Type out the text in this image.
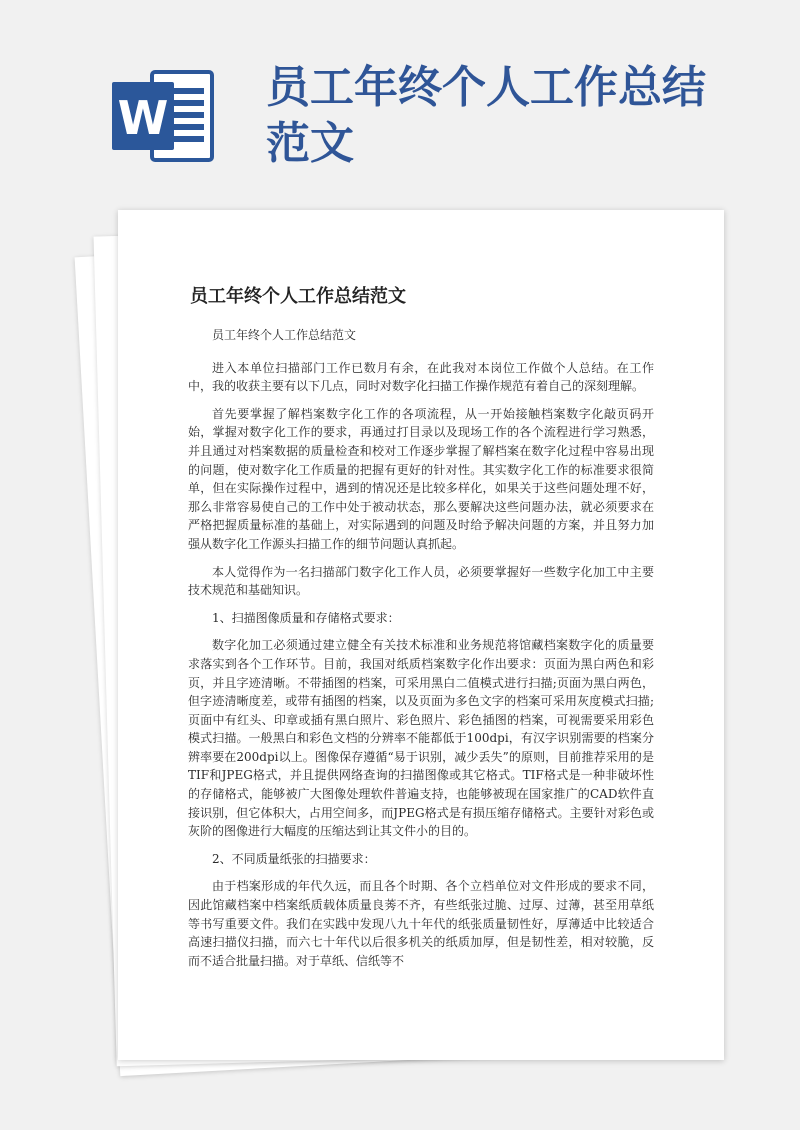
W
员工年终个人工作总结范文
员工年终个人工作总结范文

员工年终个人工作总结范文

进入本单位扫描部门工作已数月有余，在此我对本岗位工作做个人总结。在工作中，我的收获主要有以下几点，同时对数字化扫描工作操作规范有着自己的深刻理解。

首先要掌握了解档案数字化工作的各项流程，从一开始接触档案数字化敲页码开始，掌握对数字化工作的要求，再通过打目录以及现场工作的各个流程进行学习熟悉，并且通过对档案数据的质量检查和校对工作逐步掌握了解档案在数字化过程中容易出现的问题，使对数字化工作质量的把握有更好的针对性。其实数字化工作的标准要求很简单，但在实际操作过程中，遇到的情况还是比较多样化，如果关于这些问题处理不好，那么非常容易使自己的工作中处于被动状态，那么要解决这些问题办法，就必须要求在严格把握质量标准的基础上，对实际遇到的问题及时给予解决问题的方案，并且努力加强从数字化工作源头扫描工作的细节问题认真抓起。

本人觉得作为一名扫描部门数字化工作人员，必须要掌握好一些数字化加工中主要技术规范和基础知识。

1、扫描图像质量和存储格式要求：

数字化加工必须通过建立健全有关技术标准和业务规范将馆藏档案数字化的质量要求落实到各个工作环节。目前，我国对纸质档案数字化作出要求：页面为黑白两色和彩页，并且字迹清晰。不带插图的档案，可采用黑白二值模式进行扫描;页面为黑白两色，但字迹清晰度差，或带有插图的档案，以及页面为多色文字的档案可采用灰度模式扫描;页面中有红头、印章或插有黑白照片、彩色照片、彩色插图的档案，可视需要采用彩色模式扫描。一般黑白和彩色文档的分辨率不能都低于100dpi，有汉字识别需要的档案分辨率要在200dpi以上。图像保存遵循“易于识别，减少丢失”的原则，目前推荐采用的是TIF和JPEG格式，并且提供网络查询的扫描图像或其它格式。TIF格式是一种非破坏性的存储格式，能够被广大图像处理软件普遍支持，也能够被现在国家推广的CAD软件直接识别，但它体积大，占用空间多，而JPEG格式是有损压缩存储格式。主要针对彩色或灰阶的图像进行大幅度的压缩达到让其文件小的目的。

2、不同质量纸张的扫描要求：

由于档案形成的年代久远，而且各个时期、各个立档单位对文件形成的要求不同，因此馆藏档案中档案纸质载体质量良莠不齐，有些纸张过脆、过厚、过薄，甚至用草纸等书写重要文件。我们在实践中发现八九十年代的纸张质量韧性好，厚薄适中比较适合高速扫描仪扫描，而六七十年代以后很多机关的纸质加厚，但是韧性差，相对较脆，反而不适合批量扫描。对于草纸、信纸等不
